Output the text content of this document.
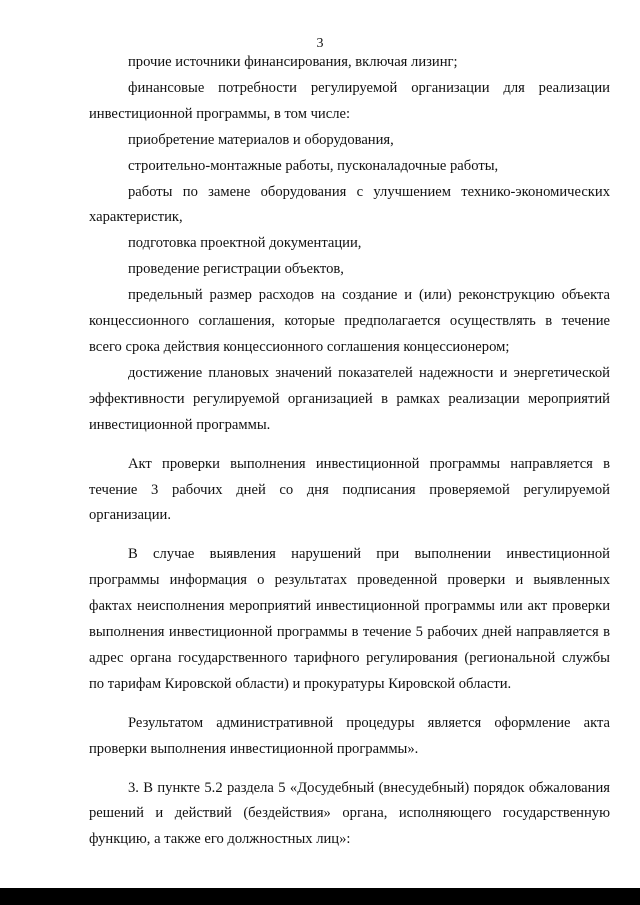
3

прочие источники финансирования, включая лизинг;

финансовые потребности регулируемой организации для реализации инвестиционной программы, в том числе:

приобретение материалов и оборудования,

строительно-монтажные работы, пусконаладочные работы,

работы по замене оборудования с улучшением технико-экономических характеристик,

подготовка проектной документации,

проведение регистрации объектов,

предельный размер расходов на создание и (или) реконструкцию объекта концессионного соглашения, которые предполагается осуществлять в течение всего срока действия концессионного соглашения концессионером;

достижение плановых значений показателей надежности и энергетической эффективности регулируемой организацией в рамках реализации мероприятий инвестиционной программы.

Акт проверки выполнения инвестиционной программы направляется в течение 3 рабочих дней со дня подписания проверяемой регулируемой организации.

В случае выявления нарушений при выполнении инвестиционной программы информация о результатах проведенной проверки и выявленных фактах неисполнения мероприятий инвестиционной программы или акт проверки выполнения инвестиционной программы в течение 5 рабочих дней направляется в адрес органа государственного тарифного регулирования (региональной службы по тарифам Кировской области) и прокуратуры Кировской области.

Результатом административной процедуры является оформление акта проверки выполнения инвестиционной программы».

3. В пункте 5.2 раздела 5 «Досудебный (внесудебный) порядок обжалования решений и действий (бездействия» органа, исполняющего государственную функцию, а также его должностных лиц»:
